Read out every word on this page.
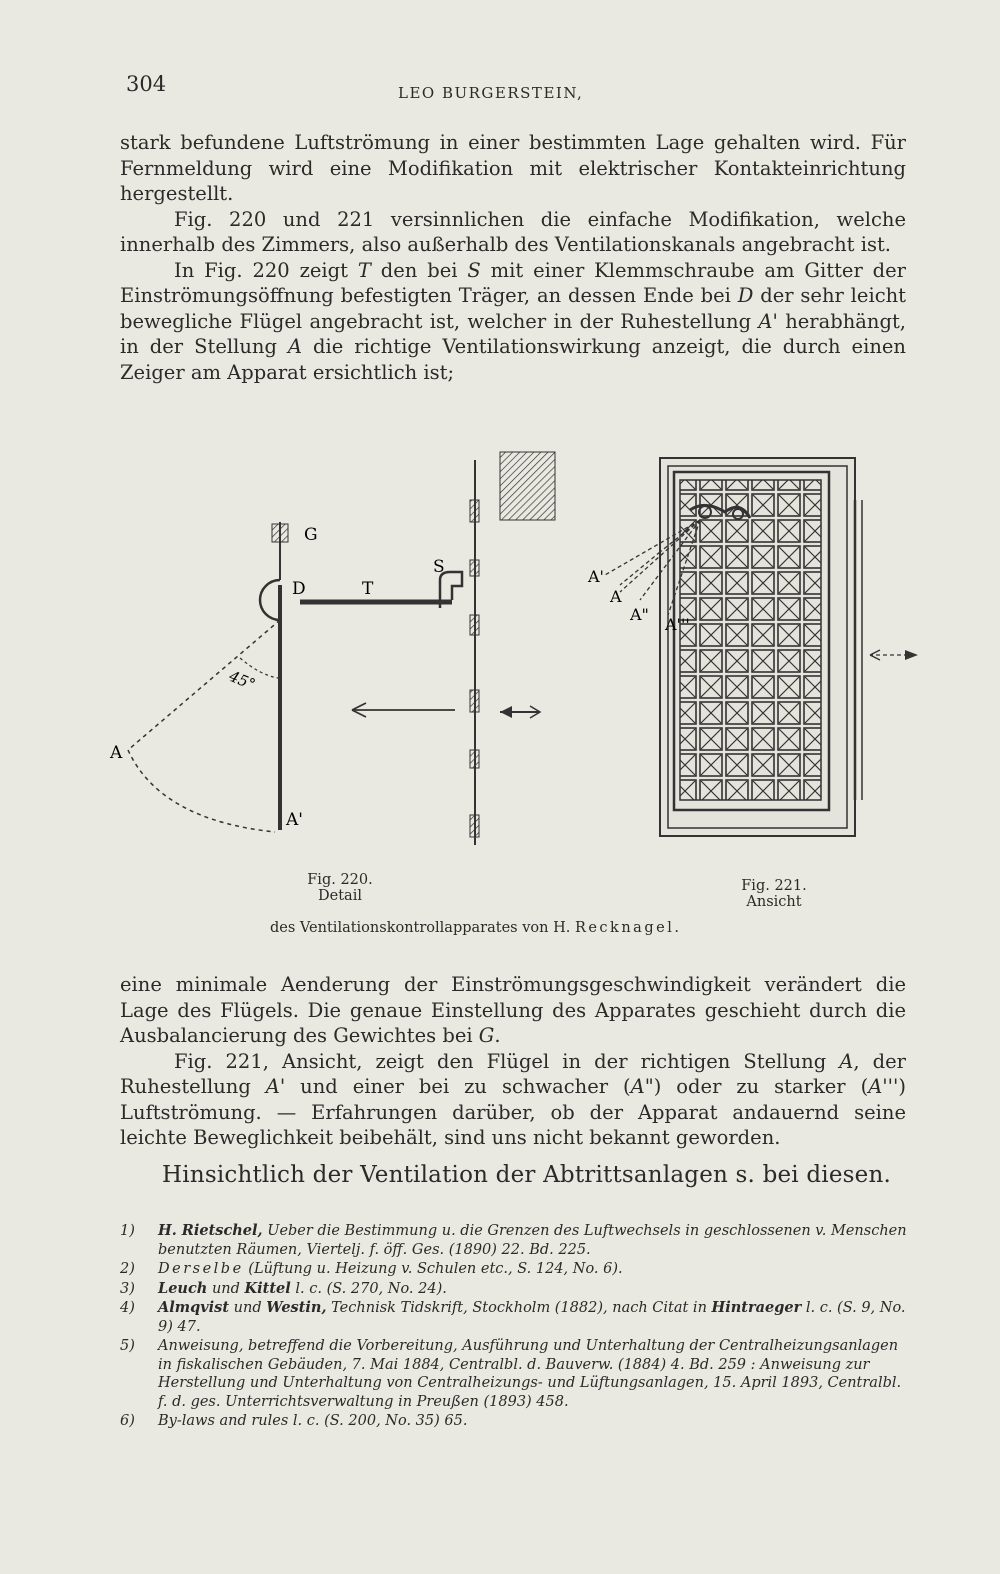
304	LEO BURGERSTEIN,

stark befundene Luftströmung in einer bestimmten Lage gehalten wird. Für Fernmeldung wird eine Modifikation mit elektrischer Kontakteinrichtung hergestellt.

Fig. 220 und 221 versinnlichen die einfache Modifikation, welche innerhalb des Zimmers, also außerhalb des Ventilationskanals angebracht ist.

In Fig. 220 zeigt T den bei S mit einer Klemmschraube am Gitter der Einströmungsöffnung befestigten Träger, an dessen Ende bei D der sehr leicht bewegliche Flügel angebracht ist, welcher in der Ruhestellung A' herabhängt, in der Stellung A die richtige Ventilationswirkung anzeigt, die durch einen Zeiger am Apparat ersichtlich ist;

G
D	T
S
45°
A
A'
A'
A
A"
A'''
Fig. 220.
Detail
Fig. 221.
Ansicht
des Ventilationskontrollapparates von H. Recknagel.

eine minimale Aenderung der Einströmungsgeschwindigkeit verändert die Lage des Flügels. Die genaue Einstellung des Apparates geschieht durch die Ausbalancierung des Gewichtes bei G.

Fig. 221, Ansicht, zeigt den Flügel in der richtigen Stellung A, der Ruhestellung A' und einer bei zu schwacher (A") oder zu starker (A''') Luftströmung. — Erfahrungen darüber, ob der Apparat andauernd seine leichte Beweglichkeit beibehält, sind uns nicht bekannt geworden.

Hinsichtlich der Ventilation der Abtrittsanlagen s. bei diesen.

1) H. Rietschel, Ueber die Bestimmung u. die Grenzen des Luftwechsels in geschlossenen v. Menschen benutzten Räumen, Viertelj. f. öff. Ges. (1890) 22. Bd. 225.

2) Derselbe (Lüftung u. Heizung v. Schulen etc., S. 124, No. 6).

3) Leuch und Kittel l. c. (S. 270, No. 24).

4) Almqvist und Westin, Technisk Tidskrift, Stockholm (1882), nach Citat in Hintraeger l. c. (S. 9, No. 9) 47.

5) Anweisung, betreffend die Vorbereitung, Ausführung und Unterhaltung der Centralheizungsanlagen in fiskalischen Gebäuden, 7. Mai 1884, Centralbl. d. Bauverw. (1884) 4. Bd. 259 : Anweisung zur Herstellung und Unterhaltung von Centralheizungs- und Lüftungsanlagen, 15. April 1893, Centralbl. f. d. ges. Unterrichtsverwaltung in Preußen (1893) 458.

6) By-laws and rules l. c. (S. 200, No. 35) 65.
